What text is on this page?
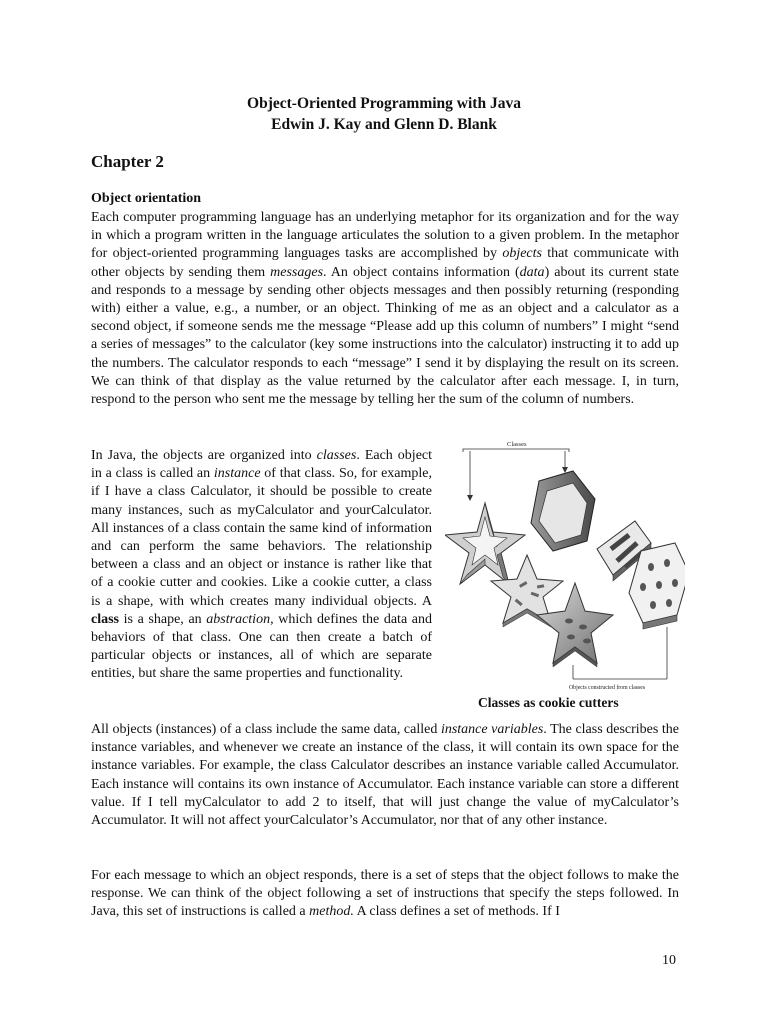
Object-Oriented Programming with Java
Edwin J. Kay and Glenn D. Blank
Chapter 2
Object orientation

Each computer programming language has an underlying metaphor for its organization and for the way in which a program written in the language articulates the solution to a given problem. In the metaphor for object-oriented programming languages tasks are accomplished by objects that communicate with other objects by sending them messages. An object contains information (data) about its current state and responds to a message by sending other objects messages and then possibly returning (responding with) either a value, e.g., a number, or an object. Thinking of me as an object and a calculator as a second object, if someone sends me the message “Please add up this column of numbers” I might “send a series of messages” to the calculator (key some instructions into the calculator) instructing it to add up the numbers. The calculator responds to each “message” I send it by displaying the result on its screen. We can think of that display as the value returned by the calculator after each message. I, in turn, respond to the person who sent me the message by telling her the sum of the column of numbers.

In Java, the objects are organized into classes. Each object in a class is called an instance of that class. So, for example, if I have a class Calculator, it should be possible to create many instances, such as myCalculator and yourCalculator. All instances of a class contain the same kind of information and can perform the same behaviors. The relationship between a class and an object or instance is rather like that of a cookie cutter and cookies. Like a cookie cutter, a class is a shape, with which creates many individual objects. A class is a shape, an abstraction, which defines the data and behaviors of that class. One can then create a batch of particular objects or instances, all of which are separate entities, but share the same properties and functionality.

Classes
Objects constructed from classes
Classes as cookie cutters

All objects (instances) of a class include the same data, called instance variables. The class describes the instance variables, and whenever we create an instance of the class, it will contain its own space for the instance variables. For example, the class Calculator describes an instance variable called Accumulator. Each instance will contains its own instance of Accumulator. Each instance variable can store a different value. If I tell myCalculator to add 2 to itself, that will just change the value of myCalculator’s Accumulator. It will not affect yourCalculator’s Accumulator, nor that of any other instance.

For each message to which an object responds, there is a set of steps that the object follows to make the response. We can think of the object following a set of instructions that specify the steps followed. In Java, this set of instructions is called a method. A class defines a set of methods. If I

10
